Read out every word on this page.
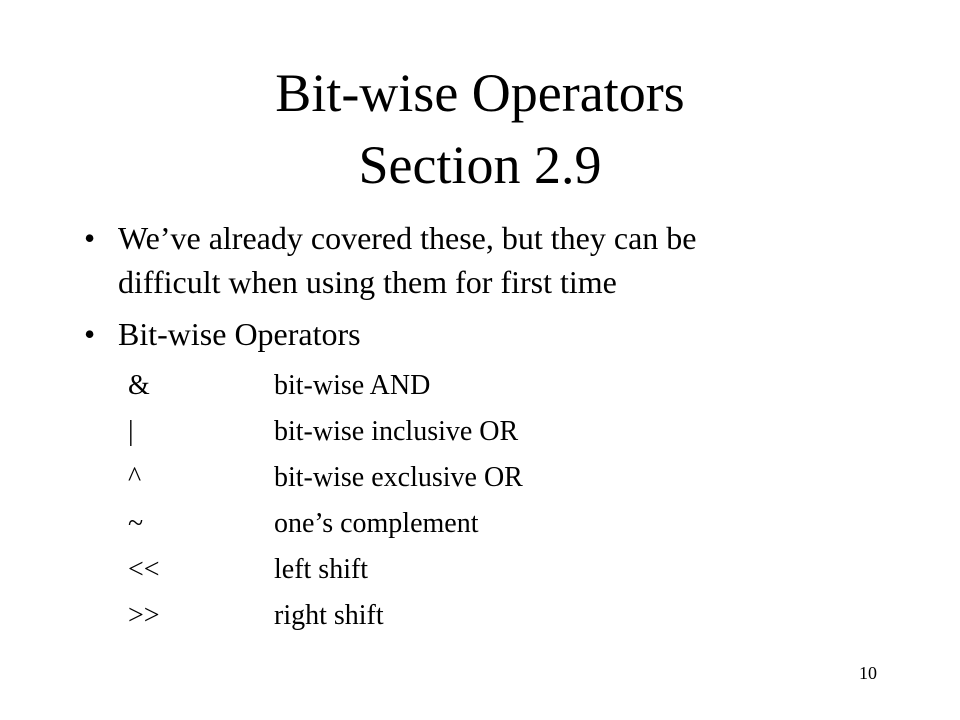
Bit-wise Operators
Section 2.9
• We’ve already covered these, but they can be
difficult when using them for first time
• Bit-wise Operators
&	bit-wise AND
|	bit-wise inclusive OR
^	bit-wise exclusive OR
~	one’s complement
<<	left shift
>>	right shift
10
